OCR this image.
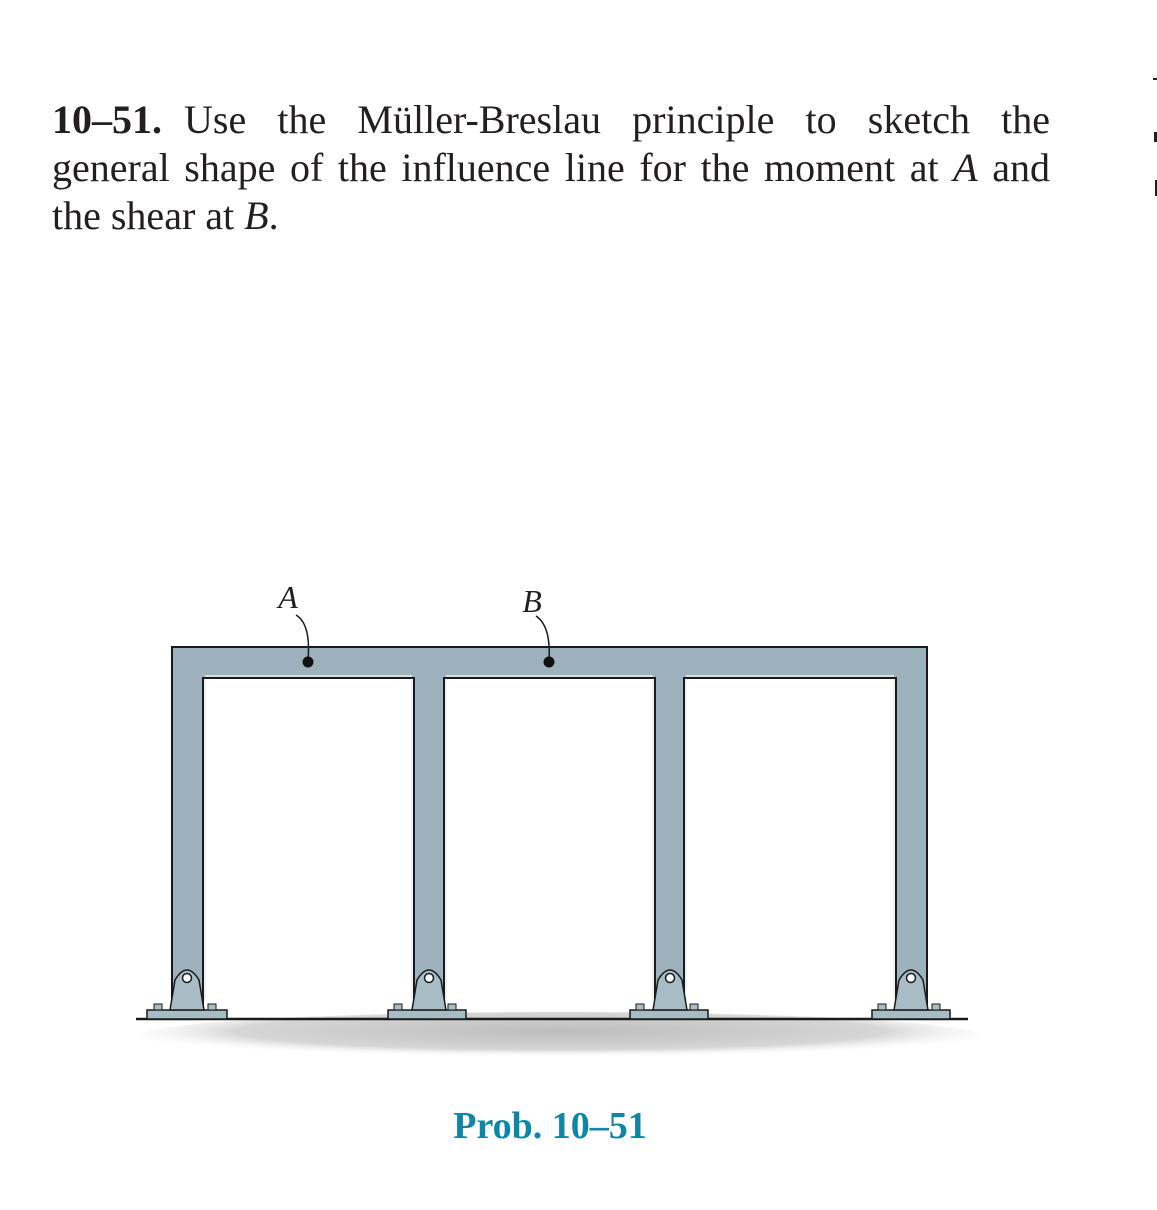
10–51. Use the Müller-Breslau principle to sketch the general shape of the influence line for the moment at A and the shear at B.
A	B
Prob. 10–51
